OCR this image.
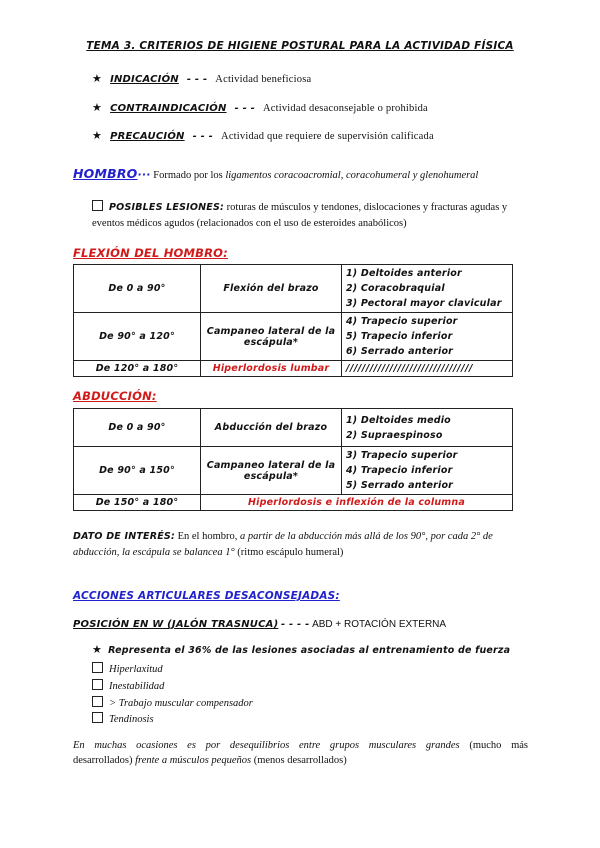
TEMA 3. CRITERIOS DE HIGIENE POSTURAL PARA LA ACTIVIDAD FÍSICA
★ INDICACIÓN - - - Actividad beneficiosa
★ CONTRAINDICACIÓN - - - Actividad desaconsejable o prohibida
★ PRECAUCIÓN - - - Actividad que requiere de supervisión calificada
HOMBRO··· Formado por los ligamentos coracoacromial, coracohumeral y glenohumeral
POSIBLES LESIONES: roturas de músculos y tendones, dislocaciones y fracturas agudas y
eventos médicos agudos (relacionados con el uso de esteroides anabólicos)
FLEXIÓN DEL HOMBRO:
De 0 a 90°	Flexión del brazo	1) Deltoides anterior
2) Coracobraquial
3) Pectoral mayor clavicular

De 90° a 120°	Campaneo lateral de la escápula*	4) Trapecio superior
5) Trapecio inferior
6) Serrado anterior

De 120° a 180°	Hiperlordosis lumbar	////////////////////////////////
ABDUCCIÓN:
De 0 a 90°	Abducción del brazo	1) Deltoides medio
2) Supraespinoso

De 90° a 150°	Campaneo lateral de la escápula*	3) Trapecio superior
4) Trapecio inferior
5) Serrado anterior

De 150° a 180°	Hiperlordosis e inflexión de la columna	
DATO DE INTERÉS: En el hombro, a partir de la abducción más allá de los 90°, por cada 2° de
abducción, la escápula se balancea 1° (ritmo escápulo humeral)
ACCIONES ARTICULARES DESACONSEJADAS:
POSICIÓN EN W (JALÓN TRASNUCA) - - - - ABD + ROTACIÓN EXTERNA
★ Representa el 36% de las lesiones asociadas al entrenamiento de fuerza
Hiperlaxitud
Inestabilidad
> Trabajo muscular compensador
Tendinosis
En muchas ocasiones es por desequilibrios entre grupos musculares grandes (mucho más
desarrollados) frente a músculos pequeños (menos desarrollados)
